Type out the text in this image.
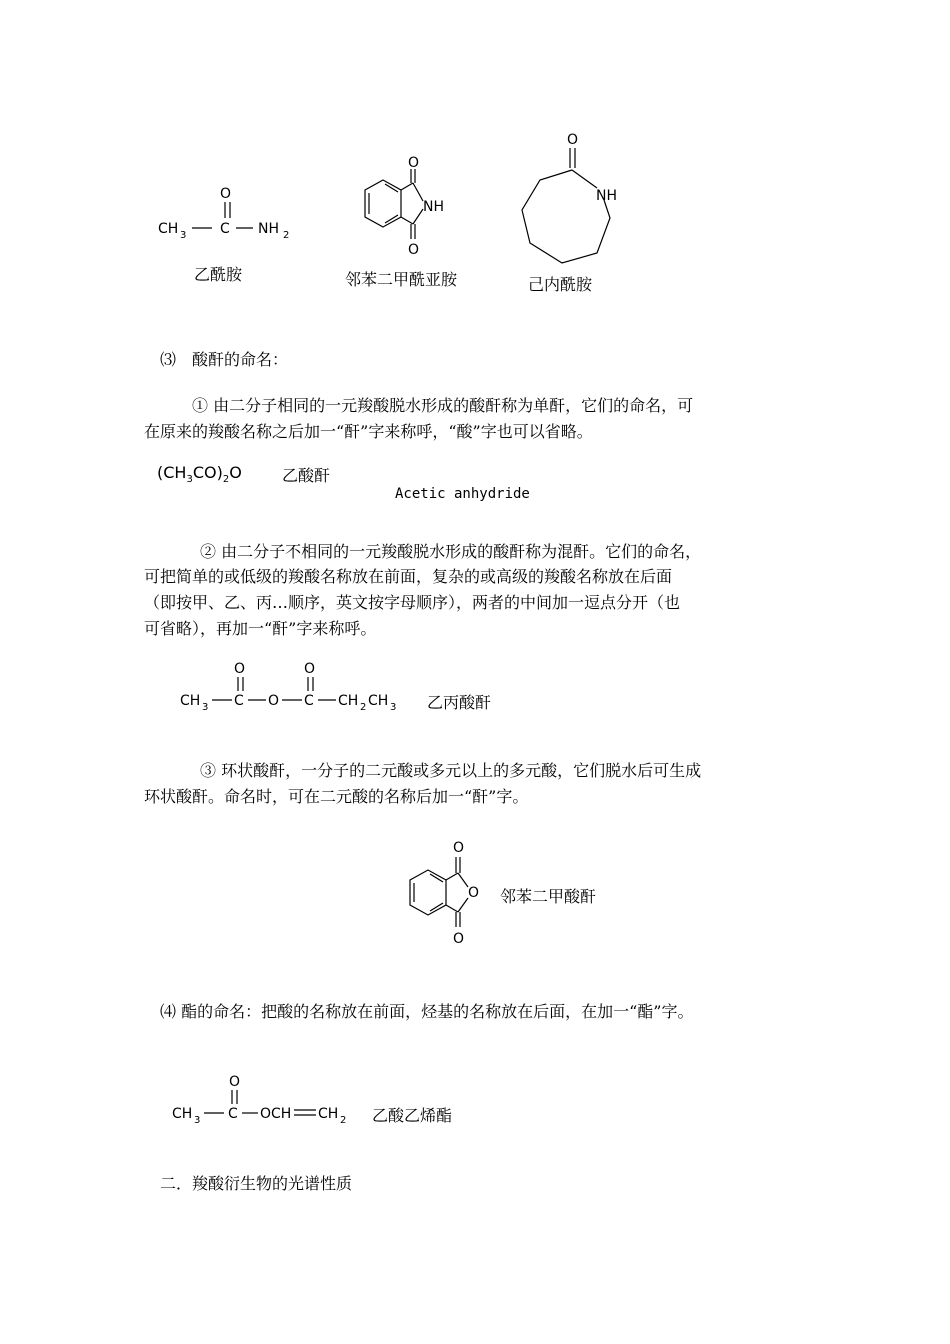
O
CH 3 C NH 2
乙酰胺
O
O
NH
邻苯二甲酰亚胺
O
NH
己内酰胺
⑶　酸酐的命名：
① 由二分子相同的一元羧酸脱水形成的酸酐称为单酐，它们的命名，可
在原来的羧酸名称之后加一“酐”字来称呼，“酸”字也可以省略。
$(CH_3CO)_2O$	乙酸酐
Acetic anhydride
② 由二分子不相同的一元羧酸脱水形成的酸酐称为混酐。它们的命名，
可把简单的或低级的羧酸名称放在前面，复杂的或高级的羧酸名称放在后面
（即按甲、乙、丙…顺序，英文按字母顺序），两者的中间加一逗点分开（也
可省略），再加一“酐”字来称呼。
O	O
CH 3 C O C CH 2 CH 3 乙丙酸酐
③ 环状酸酐，一分子的二元酸或多元以上的多元酸，它们脱水后可生成
环状酸酐。命名时，可在二元酸的名称后加一“酐”字。
O
O
O 邻苯二甲酸酐
⑷ 酯的命名：把酸的名称放在前面，烃基的名称放在后面，在加一“酯”字。
O
CH 3 C OCH CH 2 乙酸乙烯酯
二．羧酸衍生物的光谱性质
